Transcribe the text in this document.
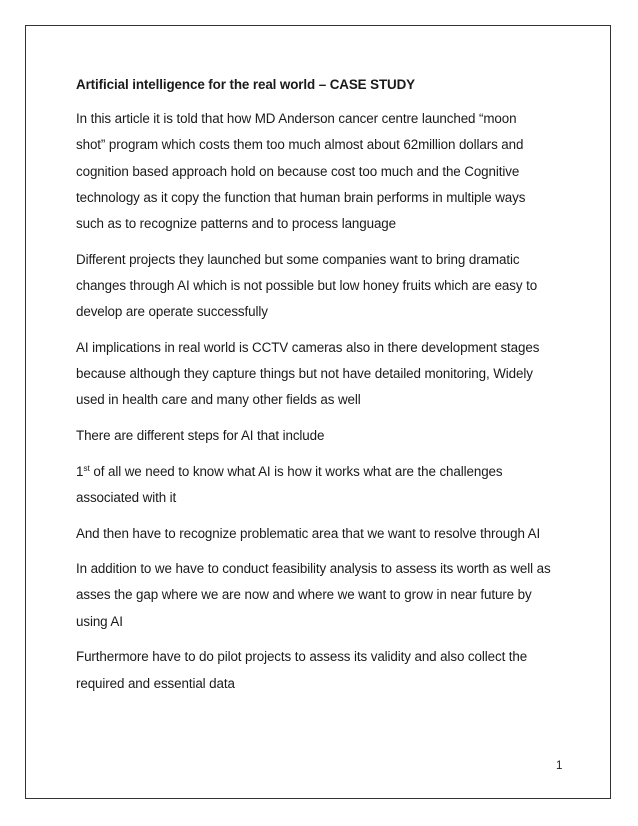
Artificial intelligence for the real world – CASE STUDY

In this article it is told that how MD Anderson cancer centre launched “moon
shot” program which costs them too much almost about 62million dollars and
cognition based approach hold on because cost too much and the Cognitive
technology as it copy the function that human brain performs in multiple ways
such as to recognize patterns and to process language

Different projects they launched but some companies want to bring dramatic
changes through AI which is not possible but low honey fruits which are easy to
develop are operate successfully

AI implications in real world is CCTV cameras also in there development stages
because although they capture things but not have detailed monitoring, Widely
used in health care and many other fields as well

There are different steps for AI that include

1st of all we need to know what AI is how it works what are the challenges
associated with it

And then have to recognize problematic area that we want to resolve through AI

In addition to we have to conduct feasibility analysis to assess its worth as well as
asses the gap where we are now and where we want to grow in near future by
using AI

Furthermore have to do pilot projects to assess its validity and also collect the
required and essential data

1
